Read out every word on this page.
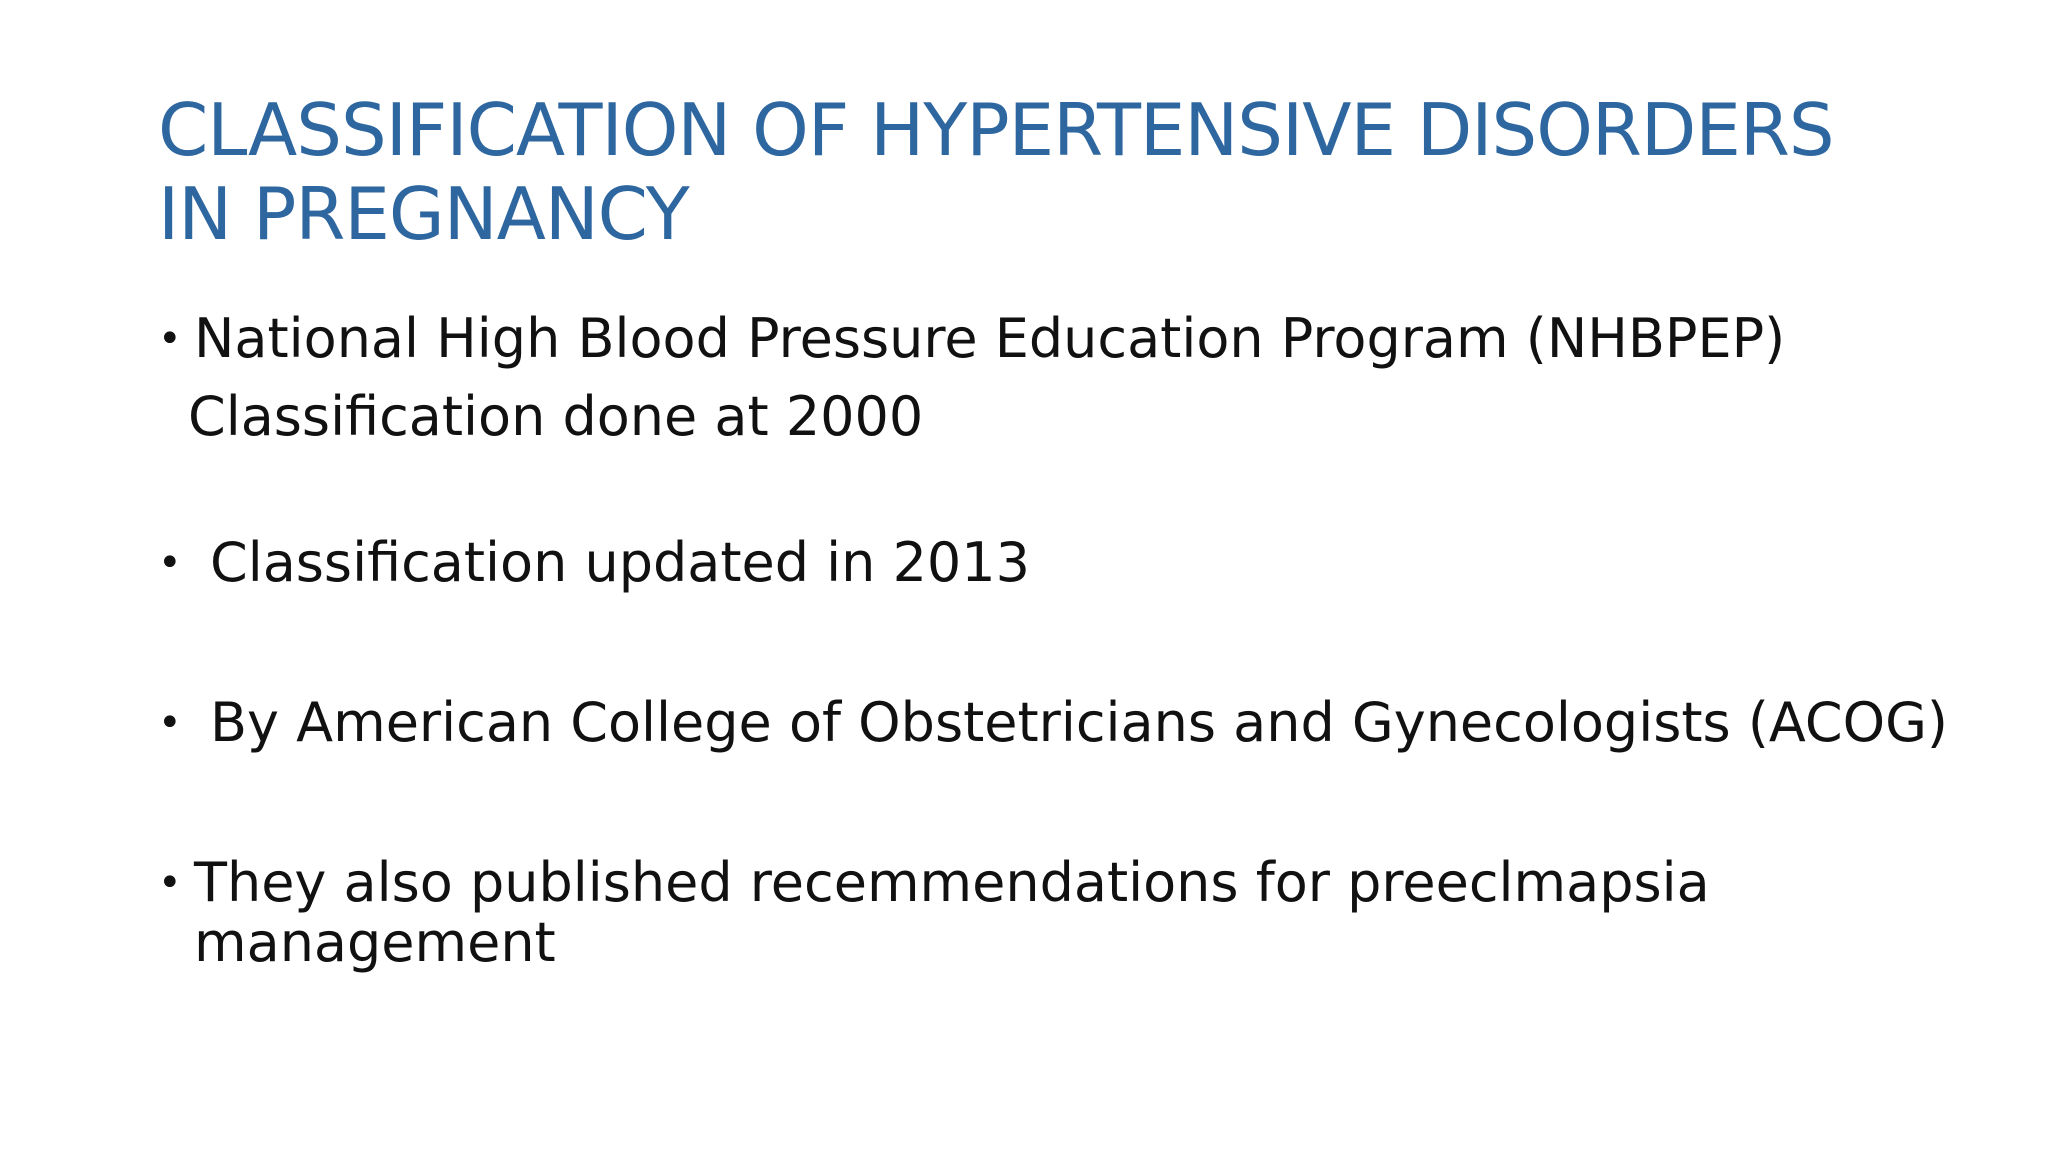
CLASSIFICATION OF HYPERTENSIVE DISORDERS
IN PREGNANCY
• National High Blood Pressure Education Program (NHBPEP)
Classification done at 2000
• Classification updated in 2013
• By American College of Obstetricians and Gynecologists (ACOG)
• They also published recemmendations for preeclmapsia
management
